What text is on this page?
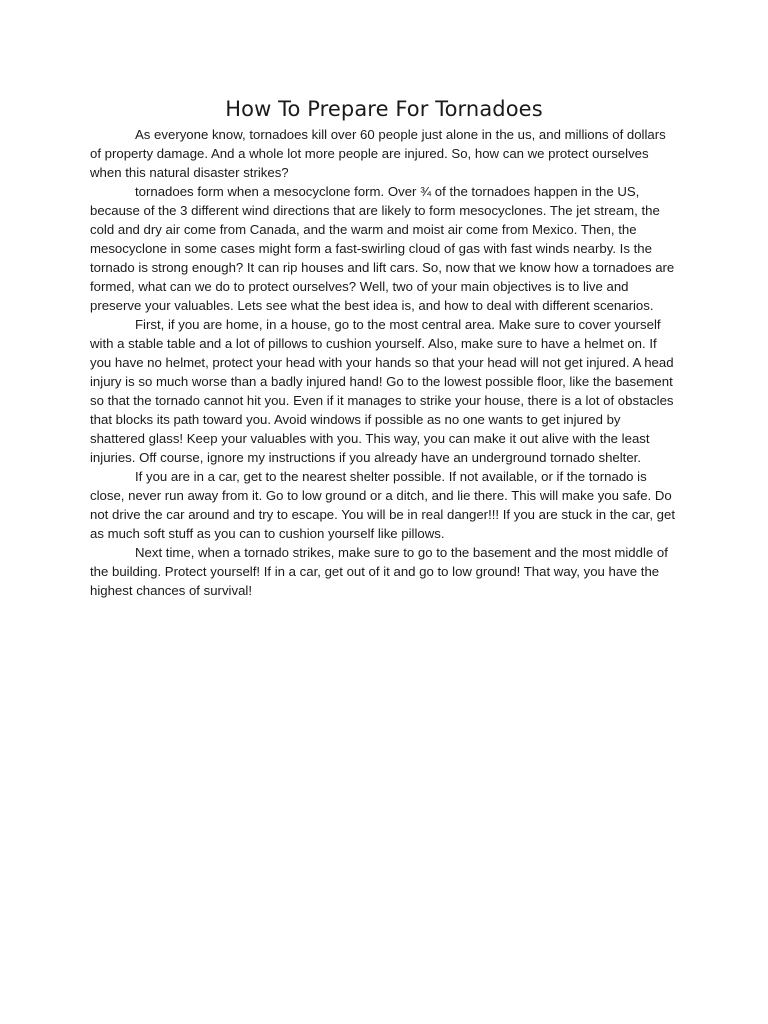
How To Prepare For Tornadoes

As everyone know, tornadoes kill over 60 people just alone in the us, and millions of dollars of property damage. And a whole lot more people are injured. So, how can we protect ourselves when this natural disaster strikes?

tornadoes form when a mesocyclone form. Over ¾ of the tornadoes happen in the US, because of the 3 different wind directions that are likely to form mesocyclones. The jet stream, the cold and dry air come from Canada, and the warm and moist air come from Mexico. Then, the mesocyclone in some cases might form a fast-swirling cloud of gas with fast winds nearby. Is the tornado is strong enough? It can rip houses and lift cars. So, now that we know how a tornadoes are formed, what can we do to protect ourselves? Well, two of your main objectives is to live and preserve your valuables. Lets see what the best idea is, and how to deal with different scenarios.

First, if you are home, in a house, go to the most central area. Make sure to cover yourself with a stable table and a lot of pillows to cushion yourself. Also, make sure to have a helmet on. If you have no helmet, protect your head with your hands so that your head will not get injured. A head injury is so much worse than a badly injured hand! Go to the lowest possible floor, like the basement so that the tornado cannot hit you. Even if it manages to strike your house, there is a lot of obstacles that blocks its path toward you. Avoid windows if possible as no one wants to get injured by shattered glass! Keep your valuables with you. This way, you can make it out alive with the least injuries. Off course, ignore my instructions if you already have an underground tornado shelter.

If you are in a car, get to the nearest shelter possible. If not available, or if the tornado is close, never run away from it. Go to low ground or a ditch, and lie there. This will make you safe. Do not drive the car around and try to escape. You will be in real danger!!! If you are stuck in the car, get as much soft stuff as you can to cushion yourself like pillows.

Next time, when a tornado strikes, make sure to go to the basement and the most middle of the building. Protect yourself! If in a car, get out of it and go to low ground! That way, you have the highest chances of survival!
